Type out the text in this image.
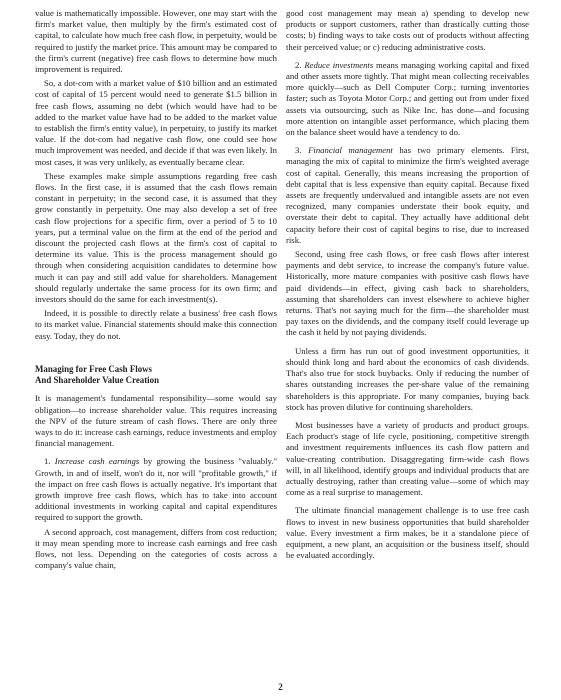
value is mathematically impossible. However, one may start with the firm's market value, then multiply by the firm's estimated cost of capital, to calculate how much free cash flow, in perpetuity, would be required to justify the market price. This amount may be compared to the firm's current (negative) free cash flows to determine how much improvement is required.

So, a dot-com with a market value of $10 billion and an estimated cost of capital of 15 percent would need to generate $1.5 billion in free cash flows, assuming no debt (which would have had to be added to the market value have had to be added to the market value to establish the firm's entity value), in perpetuity, to justify its market value. If the dot-com had negative cash flow, one could see how much improvement was needed, and decide if that was even likely. In most cases, it was very unlikely, as eventually became clear.

These examples make simple assumptions regarding free cash flows. In the first case, it is assumed that the cash flows remain constant in perpetuity; in the second case, it is assumed that they grow constantly in perpetuity. One may also develop a set of free cash flow projections for a specific firm, over a period of 5 to 10 years, put a terminal value on the firm at the end of the period and discount the projected cash flows at the firm's cost of capital to determine its value. This is the process management should go through when considering acquisition candidates to determine how much it can pay and still add value for shareholders. Management should regularly undertake the same process for its own firm; and investors should do the same for each investment(s).

Indeed, it is possible to directly relate a business' free cash flows to its market value. Financial statements should make this connection easy. Today, they do not.

Managing for Free Cash Flows
And Shareholder Value Creation

It is management's fundamental responsibility—some would say obligation—to increase shareholder value. This requires increasing the NPV of the future stream of cash flows. There are only three ways to do it: increase cash earnings, reduce investments and employ financial management.

1. Increase cash earnings by growing the business "valuably." Growth, in and of itself, won't do it, nor will "profitable growth," if the impact on free cash flows is actually negative. It's important that growth improve free cash flows, which has to take into account additional investments in working capital and capital expenditures required to support the growth.

A second approach, cost management, differs from cost reduction; it may mean spending more to increase cash earnings and free cash flows, not less. Depending on the categories of costs across a company's value chain,

good cost management may mean a) spending to develop new products or support customers, rather than drastically cutting those costs; b) finding ways to take costs out of products without affecting their perceived value; or c) reducing administrative costs.

2. Reduce investments means managing working capital and fixed and other assets more tightly. That might mean collecting receivables more quickly—such as Dell Computer Corp.; turning inventories faster; such as Toyota Motor Corp.; and getting out from under fixed assets via outsourcing, such as Nike Inc. has done—and focusing more attention on intangible asset performance, which placing them on the balance sheet would have a tendency to do.

3. Financial management has two primary elements. First, managing the mix of capital to minimize the firm's weighted average cost of capital. Generally, this means increasing the proportion of debt capital that is less expensive than equity capital. Because fixed assets are frequently undervalued and intangible assets are not even recognized, many companies understate their book equity, and overstate their debt to capital. They actually have additional debt capacity before their cost of capital begins to rise, due to increased risk.

Second, using free cash flows, or free cash flows after interest payments and debt service, to increase the company's future value. Historically, more mature companies with positive cash flows have paid dividends—in effect, giving cash back to shareholders, assuming that shareholders can invest elsewhere to achieve higher returns. That's not saying much for the firm—the shareholder must pay taxes on the dividends, and the company itself could leverage up the cash it held by not paying dividends.

Unless a firm has run out of good investment opportunities, it should think long and hard about the economics of cash dividends. That's also true for stock buybacks. Only if reducing the number of shares outstanding increases the per-share value of the remaining shareholders is this appropriate. For many companies, buying back stock has proven dilutive for continuing shareholders.

Most businesses have a variety of products and product groups. Each product's stage of life cycle, positioning, competitive strength and investment requirements influences its cash flow pattern and value-creating contribution. Disaggregating firm-wide cash flows will, in all likelihood, identify groups and individual products that are actually destroying, rather than creating value—some of which may come as a real surprise to management.

The ultimate financial management challenge is to use free cash flows to invest in new business opportunities that build shareholder value. Every investment a firm makes, be it a standalone piece of equipment, a new plant, an acquisition or the business itself, should be evaluated accordingly.

2
